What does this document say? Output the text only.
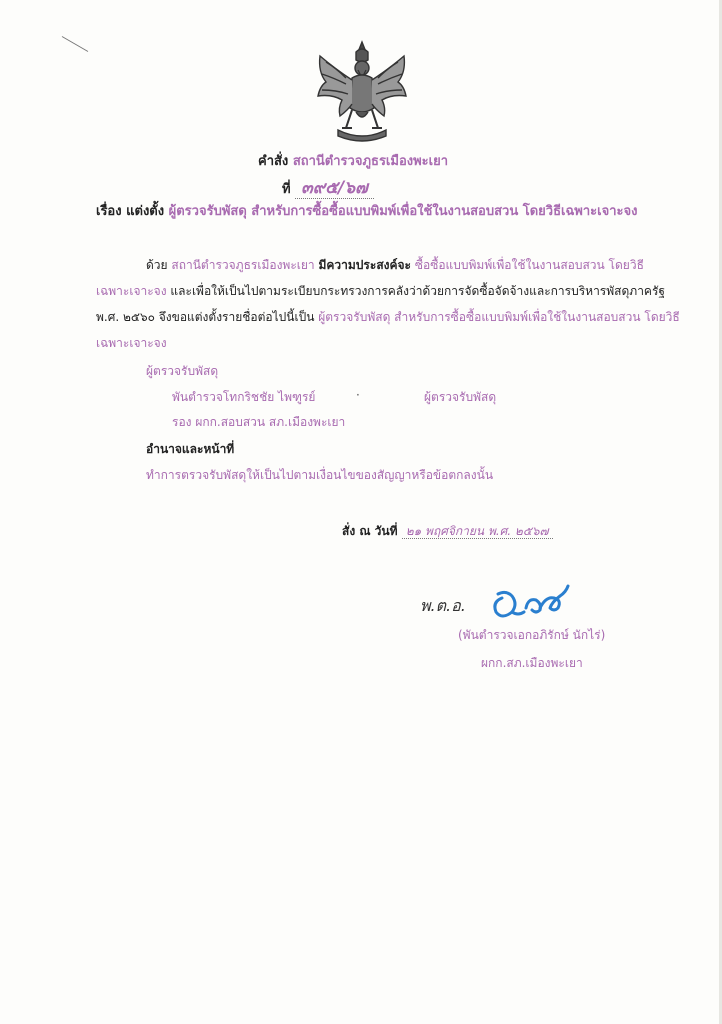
คำสั่ง สถานีตำรวจภูธรเมืองพะเยา
ที่ ๓๙๕/๖๗
เรื่อง แต่งตั้ง ผู้ตรวจรับพัสดุ สำหรับการซื้อซื้อแบบพิมพ์เพื่อใช้ในงานสอบสวน โดยวิธีเฉพาะเจาะจง
ด้วย สถานีตำรวจภูธรเมืองพะเยา มีความประสงค์จะ ซื้อซื้อแบบพิมพ์เพื่อใช้ในงานสอบสวน โดยวิธี
เฉพาะเจาะจง และเพื่อให้เป็นไปตามระเบียบกระทรวงการคลังว่าด้วยการจัดซื้อจัดจ้างและการบริหารพัสดุภาครัฐ
พ.ศ. ๒๕๖๐ จึงขอแต่งตั้งรายชื่อต่อไปนี้เป็น ผู้ตรวจรับพัสดุ สำหรับการซื้อซื้อแบบพิมพ์เพื่อใช้ในงานสอบสวน โดยวิธี
เฉพาะเจาะจง
ผู้ตรวจรับพัสดุ
พันตำรวจโทกริชชัย ไพฑูรย์	·	ผู้ตรวจรับพัสดุ
รอง ผกก.สอบสวน สภ.เมืองพะเยา
อำนาจและหน้าที่
ทำการตรวจรับพัสดุให้เป็นไปตามเงื่อนไขของสัญญาหรือข้อตกลงนั้น
สั่ง ณ วันที่ ๒๑ พฤศจิกายน พ.ศ. ๒๕๖๗
พ.ต.อ.
(พันตำรวจเอกอภิรักษ์ นักไร่)
ผกก.สภ.เมืองพะเยา
